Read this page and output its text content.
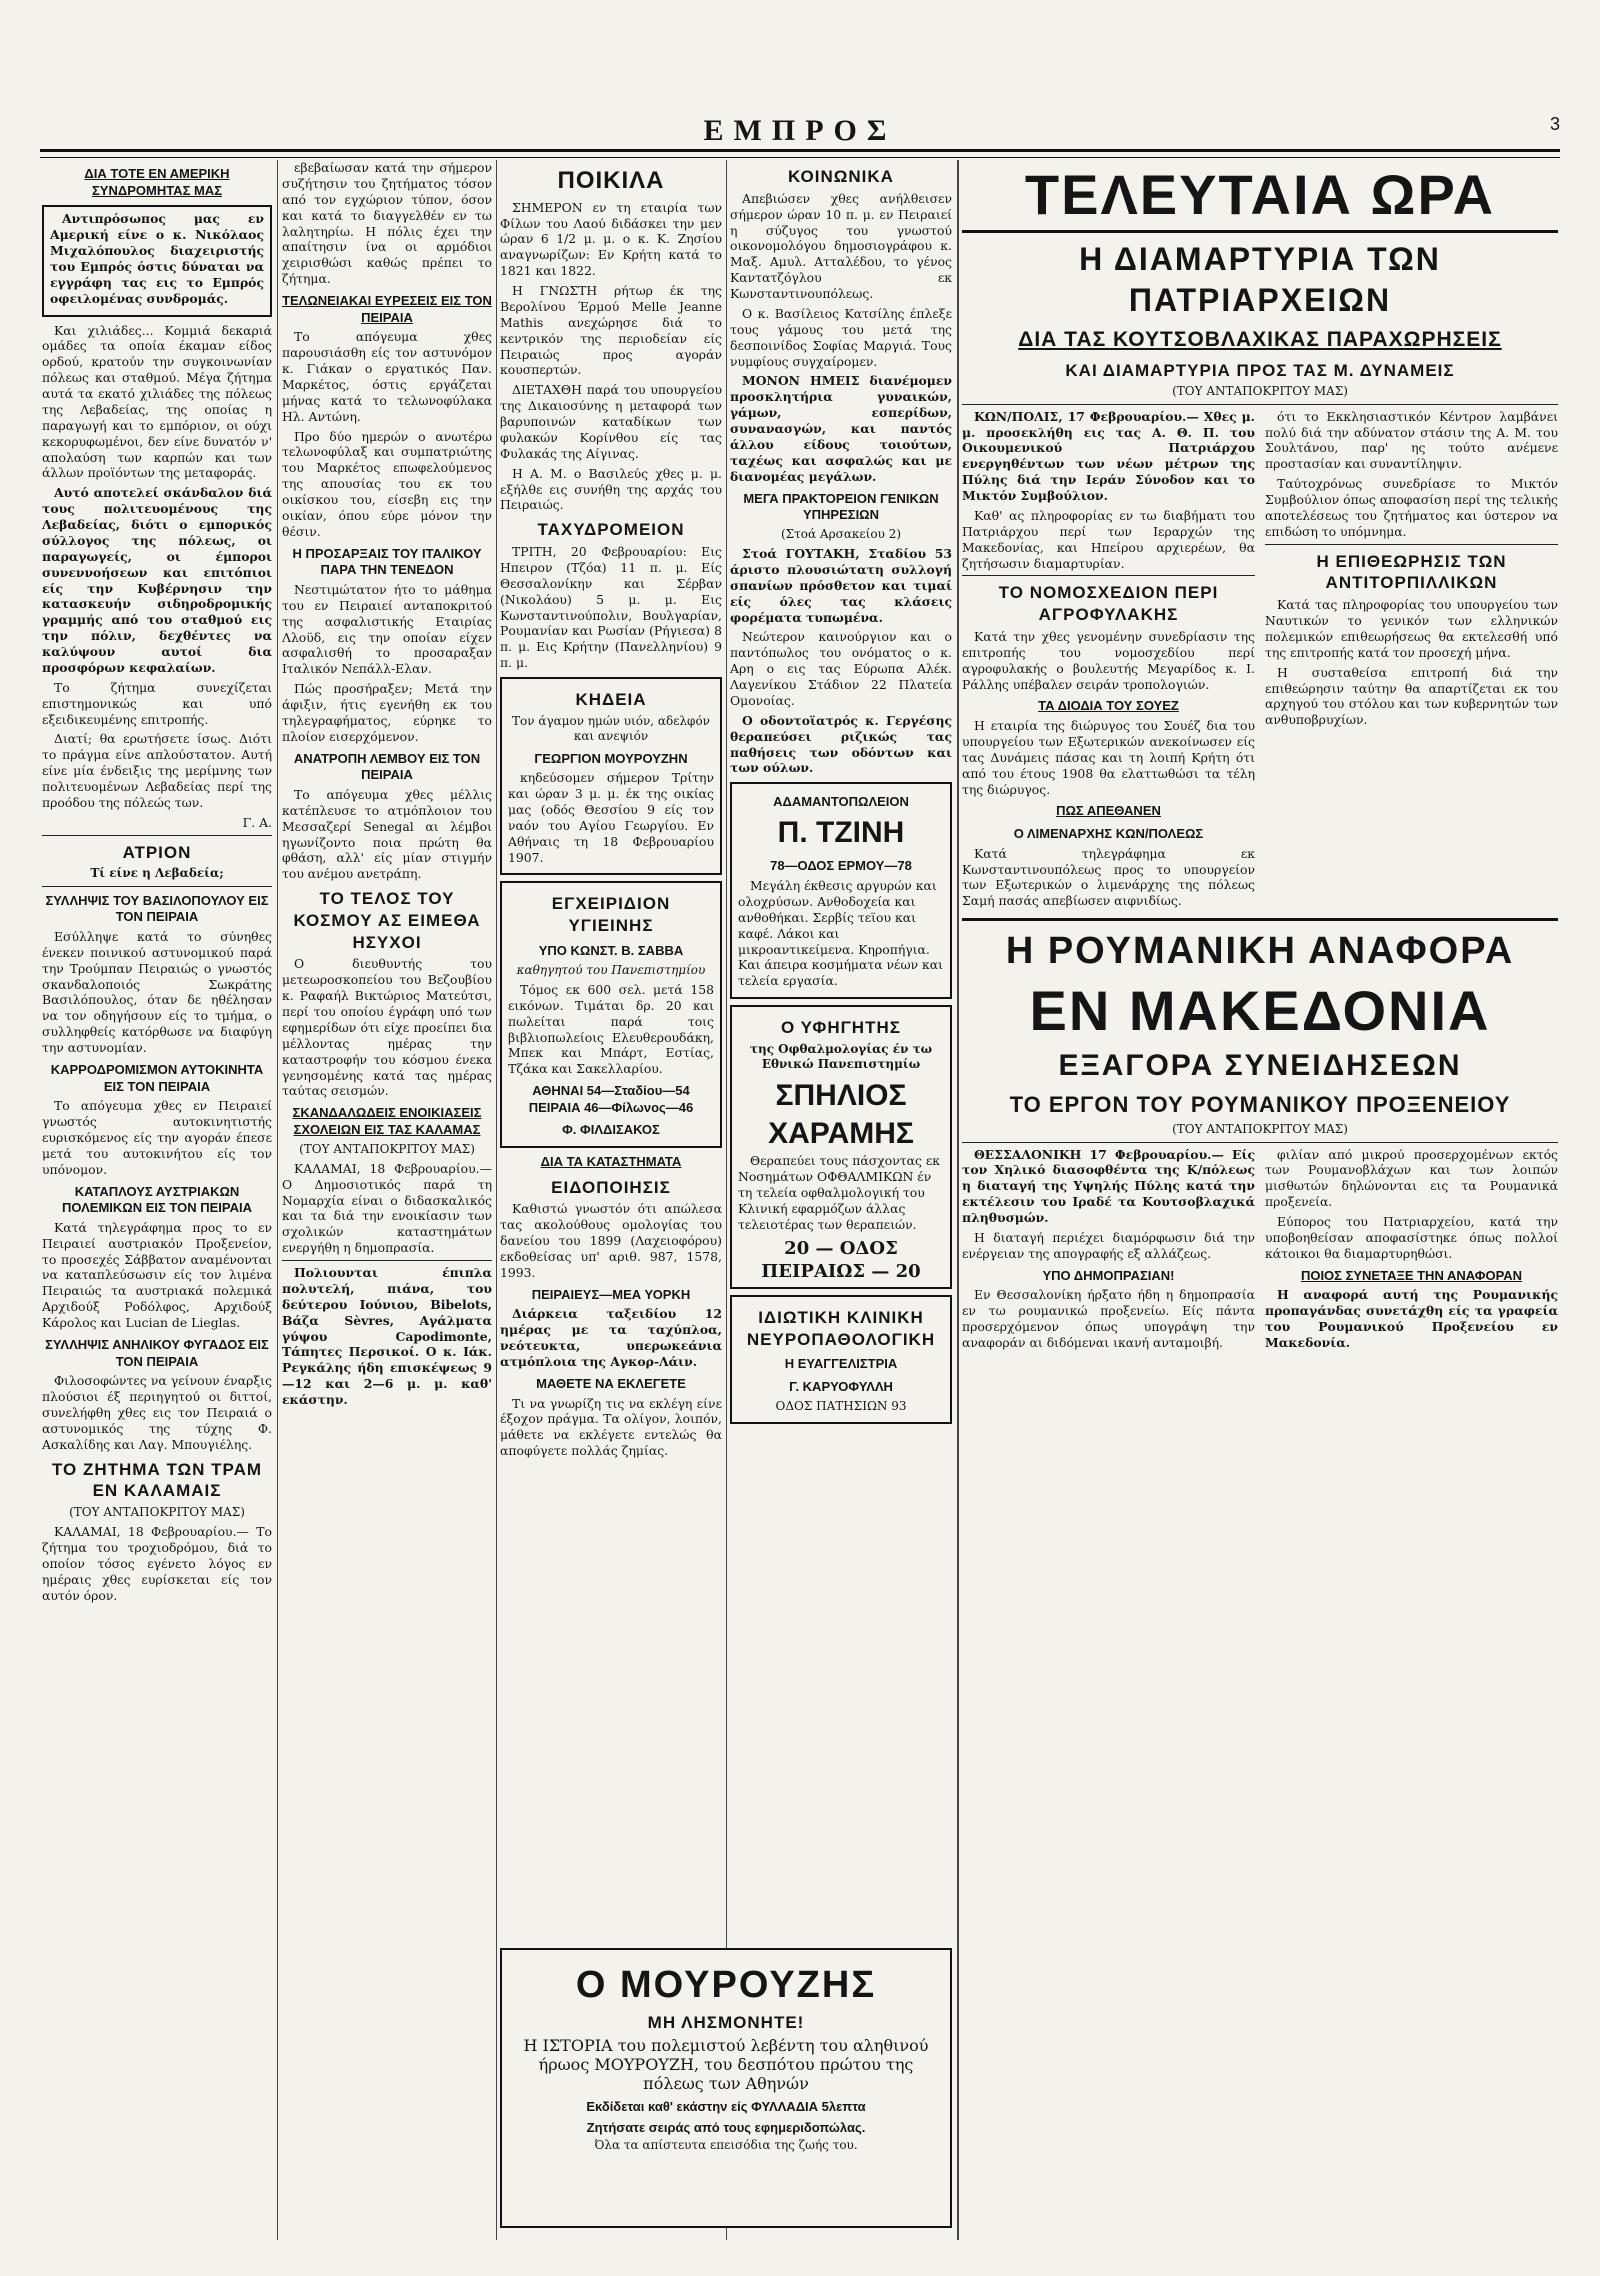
ΕΜΠΡΟΣ	3
ΔΙΑ ΤΟΤΕ ΕΝ ΑΜΕΡΙΚΗ ΣΥΝΔΡΟΜΗΤΑΣ ΜΑΣ

Αντιπρόσωπος μας εν Αμερική είνε ο κ. Νικόλαος Μιχαλόπουλος διαχειριστής του Εμπρός όστις δύναται να εγγράφη τας εις το Εμπρός οφειλομένας συνδρομάς.

Και χιλιάδες... Κομμιά δεκαριά ομάδες τα οποία έκαμαν είδος ορδού, κρατούν την συγκοινωνίαν πόλεως και σταθμού. Μέγα ζήτημα αυτά τα εκατό χιλιάδες της πόλεως της Λεβαδείας, της οποίας η παραγωγή και το εμπόριον, οι ούχι κεκορυφωμένοι, δεν είνε δυνατόν ν' απολαύση των καρπών και των άλλων προϊόντων της μεταφοράς.

Αυτό αποτελεί σκάνδαλον διά τους πολιτευομένους της Λεβαδείας, διότι ο εμπορικός σύλλογος της πόλεως, οι παραγωγείς, οι έμποροι συνεννοήσεων και επιτόπιοι είς την Κυβέρνησιν την κατασκευήν σιδηροδρομικής γραμμής από του σταθμού εις την πόλιν, δεχθέντες να καλύψουν αυτοί δια προσφόρων κεφαλαίων.

Το ζήτημα συνεχίζεται επιστημονικώς και υπό εξειδικευμένης επιτροπής.

Διατί; θα ερωτήσετε ίσως. Διότι το πράγμα είνε απλούστατον. Αυτή είνε μία ένδειξις της μερίμνης των πολιτευομένων Λεβαδείας περί της προόδου της πόλεώς των.

Γ. Α.
ΑΤΡΙΟΝ
Τί είνε η Λεβαδεία;
ΣΥΛΛΗΨΙΣ ΤΟΥ ΒΑΣΙΛΟΠΟΥΛΟΥ ΕΙΣ ΤΟΝ ΠΕΙΡΑΙΑ

Εσύλληψε κατά το σύνηθες ένεκεν ποινικού αστυνομικού παρά την Τρούμπαν Πειραιώς ο γνωστός σκανδαλοποιός Σωκράτης Βασιλόπουλος, όταν δε ηθέλησαν να τον οδηγήσουν είς το τμήμα, ο συλληφθείς κατόρθωσε να διαφύγη την αστυνομίαν.

ΚΑΡΡΟΔΡΟΜΙΣΜΟΝ ΑΥΤΟΚΙΝΗΤΑ ΕΙΣ ΤΟΝ ΠΕΙΡΑΙΑ

Το απόγευμα χθες εν Πειραιεί γνωστός αυτοκινητιστής ευρισκόμενος είς την αγοράν έπεσε μετά του αυτοκινήτου είς τον υπόνομον.

ΚΑΤΑΠΛΟΥΣ ΑΥΣΤΡΙΑΚΩΝ ΠΟΛΕΜΙΚΩΝ ΕΙΣ ΤΟΝ ΠΕΙΡΑΙΑ

Κατά τηλεγράφημα προς το εν Πειραιεί αυστριακόν Προξενείον, το προσεχές Σάββατον αναμένονται να καταπλεύσωσιν είς τον λιμένα Πειραιώς τα αυστριακά πολεμικά Αρχιδούξ Ροδόλφος, Αρχιδούξ Κάρολος και Lucian de Lieglas.

ΣΥΛΛΗΨΙΣ ΑΝΗΛΙΚΟΥ ΦΥΓΑΔΟΣ ΕΙΣ ΤΟΝ ΠΕΙΡΑΙΑ

Φιλοσοφώντες να γείνουν έναρξις πλούσιοι έξ περιηγητού οι διττοί, συνελήφθη χθες εις τον Πειραιά ο αστυνομικός της τύχης Φ. Ασκαλίδης και Λαγ. Μπουγιέλης.

ΤΟ ΖΗΤΗΜΑ ΤΩΝ ΤΡΑΜ ΕΝ ΚΑΛΑΜΑΙΣ
(ΤΟΥ ΑΝΤΑΠΟΚΡΙΤΟΥ ΜΑΣ)

ΚΑΛΑΜΑΙ, 18 Φεβρουαρίου.— Το ζήτημα του τροχιοδρόμου, διά το οποίον τόσος εγένετο λόγος εν ημέραις χθες ευρίσκεται είς τον αυτόν όρον.

εβεβαίωσαν κατά την σήμερον συζήτησιν του ζητήματος τόσον από τον εγχώριον τύπον, όσον και κατά το διαγγελθέν εν τω λαλητηρίω. Η πόλις έχει την απαίτησιν ίνα οι αρμόδιοι χειρισθώσι καθώς πρέπει το ζήτημα.

ΤΕΛΩΝΕΙΑΚΑΙ ΕΥΡΕΣΕΙΣ ΕΙΣ ΤΟΝ ΠΕΙΡΑΙΑ

Το απόγευμα χθες παρουσιάσθη είς τον αστυνόμον κ. Γιάκαν ο εργατικός Παν. Μαρκέτος, όστις εργάζεται μήνας κατά το τελωνοφύλακα Ηλ. Αντώνη.

Προ δύο ημερών ο ανωτέρω τελωνοφύλαξ και συμπατριώτης του Μαρκέτος επωφελούμενος της απουσίας του εκ του οικίσκου του, είσεβη εις την οικίαν, όπου εύρε μόνον την θέσιν.

Η ΠΡΟΣΑΡΞΑΙΣ ΤΟΥ ΙΤΑΛΙΚΟΥ ΠΑΡΑ ΤΗΝ ΤΕΝΕΔΟΝ

Νεστιμώτατον ήτο το μάθημα του εν Πειραιεί ανταποκριτού της ασφαλιστικής Εταιρίας Λλοϋδ, εις την οποίαν είχεν ασφαλισθή το προσαραξαν Ιταλικόν Νεπάλλ-Ελαν.

Πώς προσήραξεν; Μετά την άφιξιν, ήτις εγενήθη εκ του τηλεγραφήματος, εύρηκε το πλοίον εισερχόμενον.

ΑΝΑΤΡΟΠΗ ΛΕΜΒΟΥ ΕΙΣ ΤΟΝ ΠΕΙΡΑΙΑ

Το απόγευμα χθες μέλλις κατέπλευσε το ατμόπλοιον του Μεσσαζερί Senegal αι λέμβοι ηγωνίζοντο ποια πρώτη θα φθάση, αλλ' είς μίαν στιγμήν του ανέμου ανετράπη.

ΤΟ ΤΕΛΟΣ ΤΟΥ ΚΟΣΜΟΥ ΑΣ ΕΙΜΕΘΑ ΗΣΥΧΟΙ

Ο διευθυντής του μετεωροσκοπείου του Βεζουβίου κ. Ραφαήλ Βικτώριος Ματεύτσι, περί του οποίου έγράφη υπό των εφημερίδων ότι είχε προείπει δια μέλλοντας ημέρας την καταστροφήν του κόσμου ένεκα γενησομένης κατά τας ημέρας ταύτας σεισμών.

ΣΚΑΝΔΑΛΩΔΕΙΣ ΕΝΟΙΚΙΑΣΕΙΣ ΣΧΟΛΕΙΩΝ ΕΙΣ ΤΑΣ ΚΑΛΑΜΑΣ
(ΤΟΥ ΑΝΤΑΠΟΚΡΙΤΟΥ ΜΑΣ)

ΚΑΛΑΜΑΙ, 18 Φεβρουαρίου.— Ο Δημοσιοτικός παρά τη Νομαρχία είναι ο διδασκαλικός και τα διά την ενοικίασιν των σχολικών καταστημάτων ενεργήθη η δημοπρασία.

Πολιουνται έπιπλα πολυτελή, πιάνα, του δεύτερου Ιούνιου, Bibelots, Βάζα Sèvres, Αγάλματα γύψου Capodimonte, Τάπητες Περσικοί. Ο κ. Ιάκ. Ρεγκάλης ήδη επισκέψεως 9—12 και 2—6 μ. μ. καθ' εκάστην.

ΠΟΙΚΙΛΑ

ΣΗΜΕΡΟΝ εν τη εταιρία των Φίλων του Λαού διδάσκει την μεν ώραν 6 1/2 μ. μ. ο κ. Κ. Ζησίου αναγνωρίζων: Εν Κρήτη κατά το 1821 και 1822.

Η ΓΝΩΣΤΗ ρήτωρ έκ της Βερολίνου Έρμού Melle Jeanne Mathis ανεχώρησε διά το κεντρικόν της περιοδείαν είς Πειραιώς προς αγοράν κουσπερτών.

ΔΙΕΤΑΧΘΗ παρά του υπουργείου της Δικαιοσύνης η μεταφορά των βαρυποινών καταδίκων των φυλακών Κορίνθου είς τας Φυλακάς της Αίγινας.

Η Α. Μ. ο Βασιλεύς χθες μ. μ. εξήλθε εις συνήθη της αρχάς του Πειραιώς.

ΤΑΧΥΔΡΟΜΕΙΟΝ

ΤΡΙΤΗ, 20 Φεβρουαρίου: Εις Ηπειρον (Τζόα) 11 π. μ. Είς Θεσσαλονίκην και Σέρβαν (Νικολάου) 5 μ. μ. Εις Κωνσταντινούπολιν, Βουλγαρίαν, Ρουμανίαν και Ρωσίαν (Ρήγιεσα) 8 π. μ. Εις Κρήτην (Πανελληνίου) 9 π. μ.

ΚΗΔΕΙΑ
Τον άγαμον ημών υιόν, αδελφόν και ανεψιόν
ΓΕΩΡΓΙΟΝ ΜΟΥΡΟΥΖΗΝ

κηδεύσομεν σήμερον Τρίτην και ώραν 3 μ. μ. έκ της οικίας μας (οδός Θεσσίου 9 είς τον ναόν του Αγίου Γεωργίου. Εν Αθήναις τη 18 Φεβρουαρίου 1907.

ΕΓΧΕΙΡΙΔΙΟΝ ΥΓΙΕΙΝΗΣ
ΥΠΟ ΚΩΝΣΤ. Β. ΣΑΒΒΑ
καθηγητού του Πανεπιστημίου

Τόμος εκ 600 σελ. μετά 158 εικόνων. Τιμάται δρ. 20 και πωλείται παρά τοις βιβλιοπωλείοις Ελευθερουδάκη, Μπεκ και Μπάρτ, Εστίας, Τζάκα και Σακελλαρίου.

ΑΘΗΝΑΙ 54—Σταδίου—54 ΠΕΙΡΑΙΑ 46—Φίλωνος—46
Φ. ΦΙΛΔΙΣΑΚΟΣ
ΔΙΑ ΤΑ ΚΑΤΑΣΤΗΜΑΤΑ
ΕΙΔΟΠΟΙΗΣΙΣ

Καθιστώ γνωστόν ότι απώλεσα τας ακολούθους ομολογίας του δανείου του 1899 (Λαχειοφόρου) εκδοθείσας υπ' αριθ. 987, 1578, 1993.

ΠΕΙΡΑΙΕΥΣ—ΜΕΑ ΥΟΡΚΗ

Διάρκεια ταξειδίου 12 ημέρας με τα ταχύπλοα, νεότευκτα, υπερωκεάνια ατμόπλοια της Αγκορ-Λάιν.

ΜΑΘΕΤΕ ΝΑ ΕΚΛΕΓΕΤΕ

Τι να γνωρίζη τις να εκλέγη είνε έξοχον πράγμα. Τα ολίγον, λοιπόν, μάθετε να εκλέγετε εντελώς θα αποφύγετε πολλάς ζημίας.

ΚΟΙΝΩΝΙΚΑ

Απεβιώσεν χθες ανήλθεισεν σήμερον ώραν 10 π. μ. εν Πειραιεί η σύζυγος του γνωστού οικονομολόγου δημοσιογράφου κ. Μαξ. Αμυλ. Ατταλέδου, το γένος Καντατζόγλου εκ Κωνσταντινουπόλεως.

Ο κ. Βασίλειος Κατσίλης έπλεξε τους γάμους του μετά της δεσποινίδος Σοφίας Μαργιά. Τους νυμφίους συγχαίρομεν.

ΜΟΝΟΝ ΗΜΕΙΣ διανέμομεν προσκλητήρια γυναικών, γάμων, εσπερίδων, συνανασγών, και παντός άλλου είδους τοιούτων, ταχέως και ασφαλώς και με διανομέας μεγάλων.

ΜΕΓΑ ΠΡΑΚΤΟΡΕΙΟΝ ΓΕΝΙΚΩΝ ΥΠΗΡΕΣΙΩΝ
(Στοά Αρσακείου 2)

Στοά ΓΟΥΤΑΚΗ, Σταδίου 53 άριστο πλουσιώτατη συλλογή σπανίων πρόσθετον και τιμαί είς όλες τας κλάσεις φορέματα τυπωμένα.

Νεώτερον καινούργιον και ο παντόπωλος του ονόματος ο κ. Αρη ο εις τας Εύρωπα Αλέκ. Λαγενίκου Στάδιον 22 Πλατεία Ομονοίας.

Ο οδοντοϊατρός κ. Γεργέσης θεραπεύσει ριζικώς τας παθήσεις των οδόντων και των ούλων.

ΑΔΑΜΑΝΤΟΠΩΛΕΙΟΝ
Π. ΤΖΙΝΗ
78—ΟΔΟΣ ΕΡΜΟΥ—78

Μεγάλη έκθεσις αργυρών και ολοχρύσων. Ανθοδοχεία και ανθοθήκαι. Σερβίς τεϊου και καφέ. Λάκοι και μικροαντικείμενα. Κηροπήγια. Και άπειρα κοσμήματα νέων και τελεία εργασία.

Ο ΥΦΗΓΗΤΗΣ
της Οφθαλμολογίας έν τω Εθνικώ Πανεπιστημίω
ΣΠΗΛΙΟΣ
ΧΑΡΑΜΗΣ

Θεραπεύει τους πάσχοντας εκ Νοσημάτων ΟΦΘΑΛΜΙΚΩΝ έν τη τελεία οφθαλμολογική του Κλινική εφαρμόζων άλλας τελειοτέρας των θεραπειών.

20 — ΟΔΟΣ ΠΕΙΡΑΙΩΣ — 20
ΙΔΙΩΤΙΚΗ ΚΛΙΝΙΚΗ ΝΕΥΡΟΠΑΘΟΛΟΓΙΚΗ
Η ΕΥΑΓΓΕΛΙΣΤΡΙΑ
Γ. ΚΑΡΥΟΦΥΛΛΗ
ΟΔΟΣ ΠΑΤΗΣΙΩΝ 93
Ο ΜΟΥΡΟΥΖΗΣ
ΜΗ ΛΗΣΜΟΝΗΤΕ!

Η ΙΣΤΟΡΙΑ του πολεμιστού λεβέντη του αληθινού ήρωος ΜΟΥΡΟΥΖΗ, του δεσπότου πρώτου της πόλεως των Αθηνών

Εκδίδεται καθ' εκάστην είς ΦΥΛΛΑΔΙΑ 5λεπτα
Ζητήσατε σειράς από τους εφημεριδοπώλας.
Όλα τα απίστευτα επεισόδια της ζωής του.
ΤΕΛΕΥΤΑΙΑ ΩΡΑ
Η ΔΙΑΜΑΡΤΥΡΙΑ ΤΩΝ ΠΑΤΡΙΑΡΧΕΙΩΝ
ΔΙΑ ΤΑΣ ΚΟΥΤΣΟΒΛΑΧΙΚΑΣ ΠΑΡΑΧΩΡΗΣΕΙΣ
ΚΑΙ ΔΙΑΜΑΡΤΥΡΙΑ ΠΡΟΣ ΤΑΣ Μ. ΔΥΝΑΜΕΙΣ
(ΤΟΥ ΑΝΤΑΠΟΚΡΙΤΟΥ ΜΑΣ)

ΚΩΝ/ΠΟΛΙΣ, 17 Φεβρουαρίου.— Χθες μ. μ. προσεκλήθη εις τας Α. Θ. Π. του Οικουμενικού Πατριάρχου ενεργηθέντων των νέων μέτρων της Πύλης διά την Ιεράν Σύνοδον και το Μικτόν Συμβούλιον.

Καθ' ας πληροφορίας εν τω διαβήματι του Πατριάρχου περί των Ιεραρχών της Μακεδονίας, και Ηπείρου αρχιερέων, θα ζητήσωσιν διαμαρτυρίαν.

ΤΟ ΝΟΜΟΣΧΕΔΙΟΝ ΠΕΡΙ ΑΓΡΟΦΥΛΑΚΗΣ

Κατά την χθες γενομένην συνεδρίασιν της επιτροπής του νομοσχεδίου περί αγροφυλακής ο βουλευτής Μεγαρίδος κ. Ι. Ράλλης υπέβαλεν σειράν τροπολογιών.

ΤΑ ΔΙΟΔΙΑ ΤΟΥ ΣΟΥΕΖ

Η εταιρία της διώρυγος του Σουέζ δια του υπουργείου των Εξωτερικών ανεκοίνωσεν είς τας Δυνάμεις πάσας και τη λοιπή Κρήτη ότι από του έτους 1908 θα ελαττωθώσι τα τέλη της διώρυγος.

ΠΩΣ ΑΠΕΘΑΝΕΝ
Ο ΛΙΜΕΝΑΡΧΗΣ ΚΩΝ/ΠΟΛΕΩΣ

Κατά τηλεγράφημα εκ Κωνσταντινουπόλεως προς το υπουργείον των Εξωτερικών ο λιμενάρχης της πόλεως Σαμή πασάς απεβίωσεν αιφνιδίως.

ότι το Εκκλησιαστικόν Κέντρον λαμβάνει πολύ διά την αδύνατον στάσιν της Α. Μ. του Σουλτάνου, παρ' ης τούτο ανέμενε προστασίαν και συναντίληψιν.

Ταύτοχρόνως συνεδρίασε το Μικτόν Συμβούλιον όπως αποφασίση περί της τελικής αποτελέσεως του ζητήματος και ύστερον να επιδώση το υπόμνημα.

Η ΕΠΙΘΕΩΡΗΣΙΣ ΤΩΝ ΑΝΤΙΤΟΡΠΙΛΛΙΚΩΝ

Κατά τας πληροφορίας του υπουργείου των Ναυτικών το γενικόν των ελληνικών πολεμικών επιθεωρήσεως θα εκτελεσθή υπό της επιτροπής κατά τον προσεχή μήνα.

Η συσταθείσα επιτροπή διά την επιθεώρησιν ταύτην θα απαρτίζεται εκ του αρχηγού του στόλου και των κυβερνητών των ανθυποβρυχίων.

Η ΡΟΥΜΑΝΙΚΗ ΑΝΑΦΟΡΑ
ΕΝ ΜΑΚΕΔΟΝΙΑ
ΕΞΑΓΟΡΑ ΣΥΝΕΙΔΗΣΕΩΝ
ΤΟ ΕΡΓΟΝ ΤΟΥ ΡΟΥΜΑΝΙΚΟΥ ΠΡΟΞΕΝΕΙΟΥ
(ΤΟΥ ΑΝΤΑΠΟΚΡΙΤΟΥ ΜΑΣ)

ΘΕΣΣΑΛΟΝΙΚΗ 17 Φεβρουαρίου.— Είς τον Χηλικό διασοφθέντα της Κ/πόλεως η διαταγή της Υψηλής Πύλης κατά την εκτέλεσιν του Ιραδέ τα Κουτσοβλαχικά πληθυσμών.

Η διαταγή περιέχει διαμόρφωσιν διά την ενέργειαν της απογραφής εξ αλλάζεως.

ΥΠΟ ΔΗΜΟΠΡΑΣΙΑΝ!

Εν Θεσσαλονίκη ήρξατο ήδη η δημοπρασία εν τω ρουμανικώ προξενείω. Είς πάντα προσερχόμενον όπως υπογράψη την αναφοράν αι διδόμεναι ικανή ανταμοιβή.

φιλίαν από μικρού προσερχομένων εκτός των Ρουμανοβλάχων και των λοιπών μισθωτών δηλώνονται εις τα Ρουμανικά προξενεία.

Εύπορος του Πατριαρχείου, κατά την υποβοηθείσαν αποφασίστηκε όπως πολλοί κάτοικοι θα διαμαρτυρηθώσι.

ΠΟΙΟΣ ΣΥΝΕΤΑΞΕ ΤΗΝ ΑΝΑΦΟΡΑΝ

Η αναφορά αυτή της Ρουμανικής προπαγάνδας συνετάχθη είς τα γραφεία του Ρουμανικού Προξενείου εν Μακεδονία.
